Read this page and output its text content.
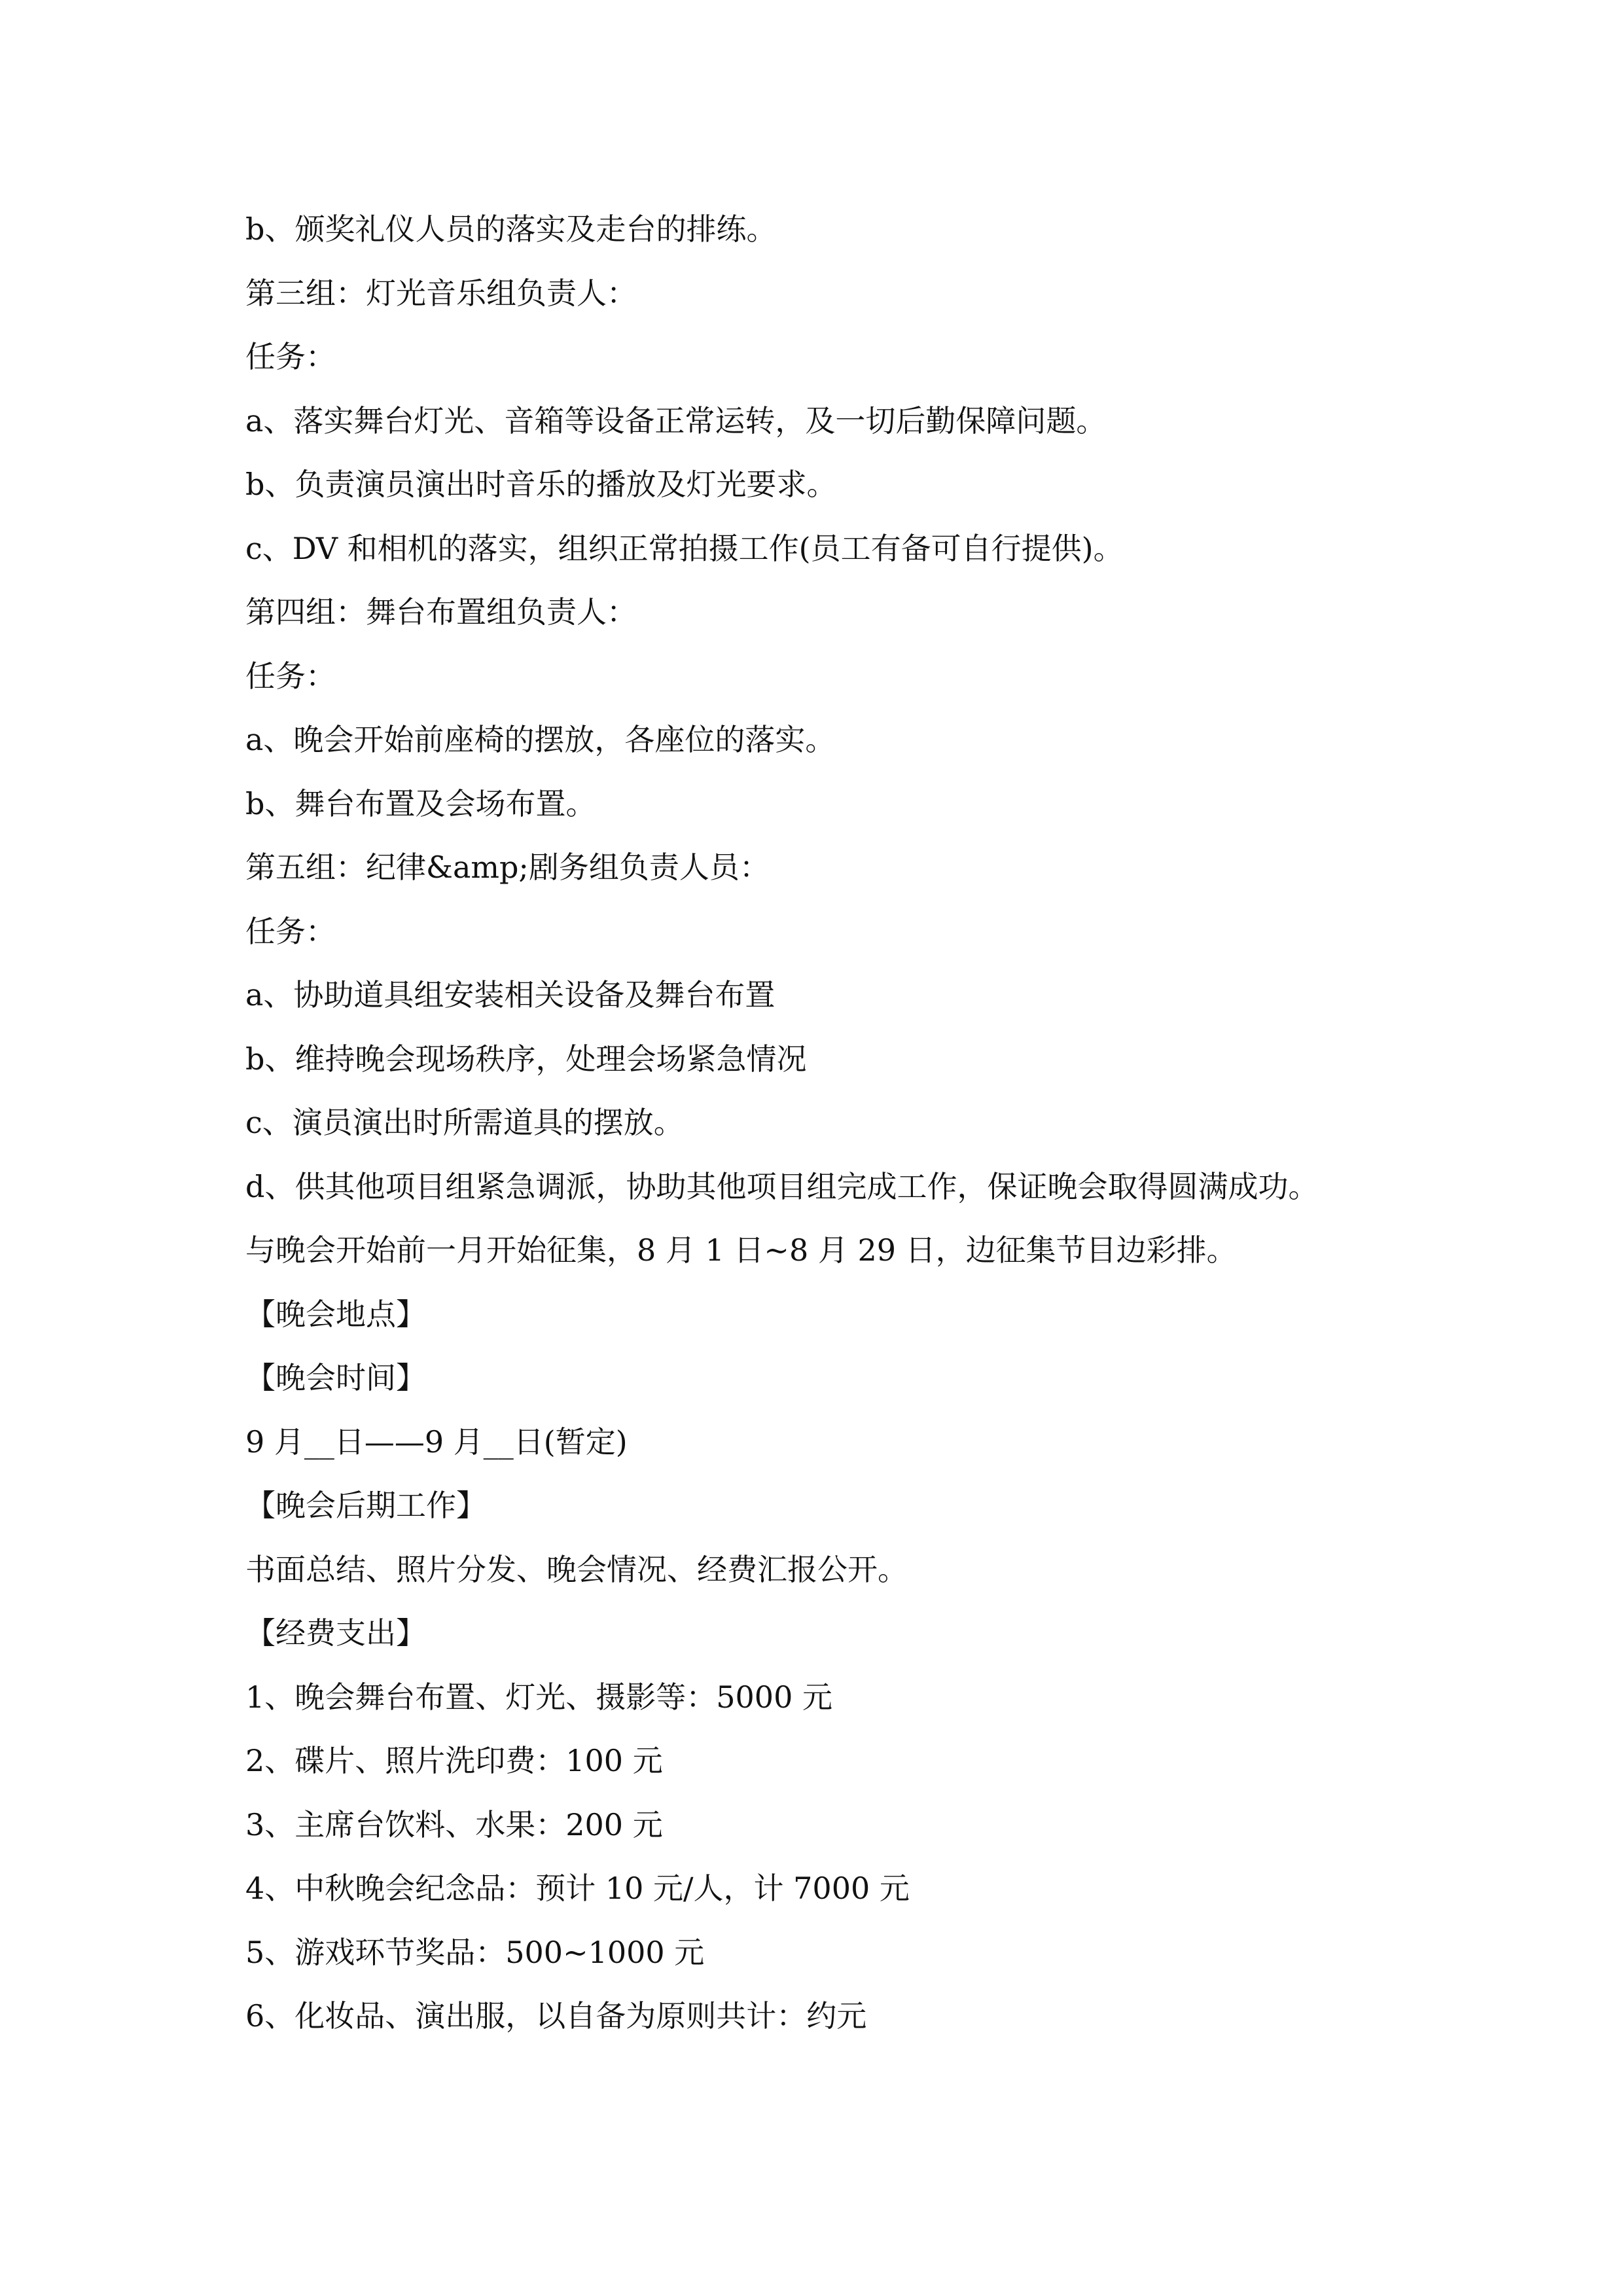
b、颁奖礼仪人员的落实及走台的排练。

第三组：灯光音乐组负责人：

任务：

a、落实舞台灯光、音箱等设备正常运转，及一切后勤保障问题。

b、负责演员演出时音乐的播放及灯光要求。

c、DV 和相机的落实，组织正常拍摄工作(员工有备可自行提供)。

第四组：舞台布置组负责人：

任务：

a、晚会开始前座椅的摆放，各座位的落实。

b、舞台布置及会场布置。

第五组：纪律&amp;剧务组负责人员：

任务：

a、协助道具组安装相关设备及舞台布置

b、维持晚会现场秩序，处理会场紧急情况

c、演员演出时所需道具的摆放。

d、供其他项目组紧急调派，协助其他项目组完成工作，保证晚会取得圆满成功。

与晚会开始前一月开始征集，8 月 1 日~8 月 29 日，边征集节目边彩排。

【晚会地点】

【晚会时间】

9 月__日——9 月__日(暂定)

【晚会后期工作】

书面总结、照片分发、晚会情况、经费汇报公开。

【经费支出】

1、晚会舞台布置、灯光、摄影等：5000 元

2、碟片、照片洗印费：100 元

3、主席台饮料、水果：200 元

4、中秋晚会纪念品：预计 10 元/人，计 7000 元

5、游戏环节奖品：500~1000 元

6、化妆品、演出服，以自备为原则共计：约元
